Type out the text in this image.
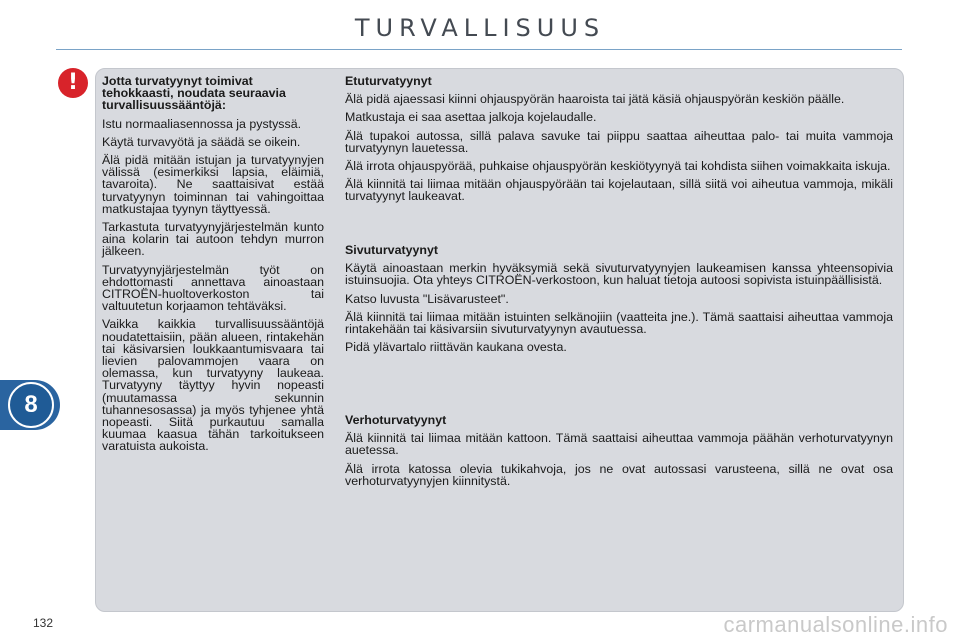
TURVALLISUUS
8
!	Jotta turvatyynyt toimivat tehokkaasti, noudata seuraavia turvallisuussääntöjä:

Istu normaaliasennossa ja pystyssä.

Käytä turvavyötä ja säädä se oikein.

Älä pidä mitään istujan ja turvatyynyjen välissä (esimerkiksi lapsia, eläimiä, tavaroita). Ne saattaisivat estää turvatyynyn toiminnan tai vahingoittaa matkustajaa tyynyn täyttyessä.

Tarkastuta turvatyynyjärjestelmän kunto aina kolarin tai autoon tehdyn murron jälkeen.

Turvatyynyjärjestelmän työt on ehdottomasti annettava ainoastaan CITROËN-huoltoverkoston tai valtuutetun korjaamon tehtäväksi.

Vaikka kaikkia turvallisuussääntöjä noudatettaisiin, pään alueen, rintakehän tai käsivarsien loukkaantumisvaara tai lievien palovammojen vaara on olemassa, kun turvatyyny laukeaa. Turvatyyny täyttyy hyvin nopeasti (muutamassa sekunnin tuhannesosassa) ja myös tyhjenee yhtä nopeasti. Siitä purkautuu samalla kuumaa kaasua tähän tarkoitukseen varatuista aukoista.

Etuturvatyynyt

Älä pidä ajaessasi kiinni ohjauspyörän haaroista tai jätä käsiä ohjauspyörän keskiön päälle.

Matkustaja ei saa asettaa jalkoja kojelaudalle.

Älä tupakoi autossa, sillä palava savuke tai piippu saattaa aiheuttaa palo- tai muita vammoja turvatyynyn lauetessa.

Älä irrota ohjauspyörää, puhkaise ohjauspyörän keskiötyynyä tai kohdista siihen voimakkaita iskuja.

Älä kiinnitä tai liimaa mitään ohjauspyörään tai kojelautaan, sillä siitä voi aiheutua vammoja, mikäli turvatyynyt laukeavat.

Sivuturvatyynyt

Käytä ainoastaan merkin hyväksymiä sekä sivuturvatyynyjen laukeamisen kanssa yhteensopivia istuinsuojia. Ota yhteys CITROËN-verkostoon, kun haluat tietoja autoosi sopivista istuinpäällisistä.

Katso luvusta "Lisävarusteet".

Älä kiinnitä tai liimaa mitään istuinten selkänojiin (vaatteita jne.). Tämä saattaisi aiheuttaa vammoja rintakehään tai käsivarsiin sivuturvatyynyn avautuessa.

Pidä ylävartalo riittävän kaukana ovesta.

Verhoturvatyynyt

Älä kiinnitä tai liimaa mitään kattoon. Tämä saattaisi aiheuttaa vammoja päähän verhoturvatyynyn auetessa.

Älä irrota katossa olevia tukikahvoja, jos ne ovat autossasi varusteena, sillä ne ovat osa verhoturvatyynyjen kiinnitystä.

132	carmanualsonline.info
